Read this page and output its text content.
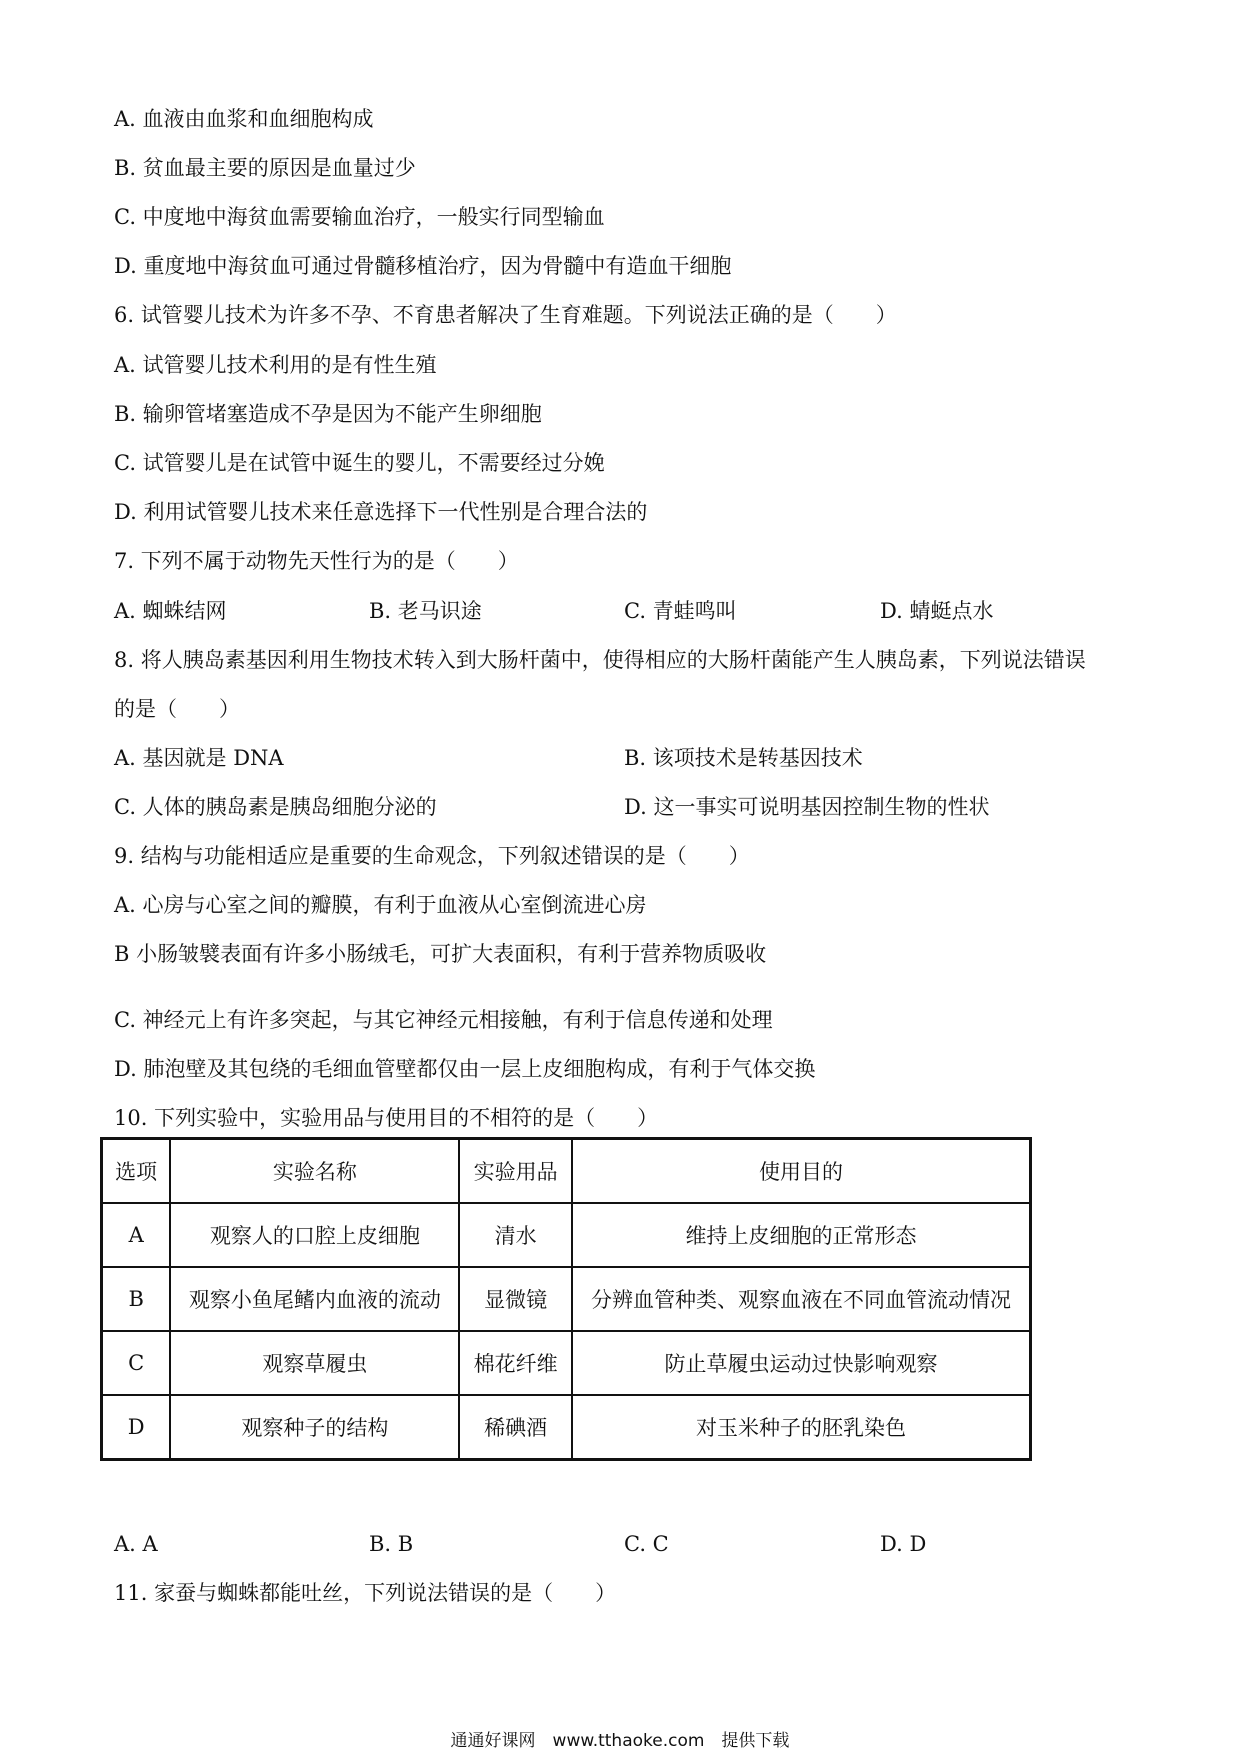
A. 血液由血浆和血细胞构成
B. 贫血最主要的原因是血量过少
C. 中度地中海贫血需要输血治疗，一般实行同型输血
D. 重度地中海贫血可通过骨髓移植治疗，因为骨髓中有造血干细胞
6. 试管婴儿技术为许多不孕、不育患者解决了生育难题。下列说法正确的是（　　）
A. 试管婴儿技术利用的是有性生殖
B. 输卵管堵塞造成不孕是因为不能产生卵细胞
C. 试管婴儿是在试管中诞生的婴儿，不需要经过分娩
D. 利用试管婴儿技术来任意选择下一代性别是合理合法的
7. 下列不属于动物先天性行为的是（　　）
A. 蜘蛛结网	B. 老马识途	C. 青蛙鸣叫	D. 蜻蜓点水
8. 将人胰岛素基因利用生物技术转入到大肠杆菌中，使得相应的大肠杆菌能产生人胰岛素，下列说法错误
的是（　　）
A. 基因就是 DNA	B. 该项技术是转基因技术
C. 人体的胰岛素是胰岛细胞分泌的	D. 这一事实可说明基因控制生物的性状
9. 结构与功能相适应是重要的生命观念，下列叙述错误的是（　　）
A. 心房与心室之间的瓣膜，有利于血液从心室倒流进心房
B 小肠皱襞表面有许多小肠绒毛，可扩大表面积，有利于营养物质吸收
C. 神经元上有许多突起，与其它神经元相接触，有利于信息传递和处理
D. 肺泡壁及其包绕的毛细血管壁都仅由一层上皮细胞构成，有利于气体交换
10. 下列实验中，实验用品与使用目的不相符的是（　　）
选项	实验名称	实验用品	使用目的
A	观察人的口腔上皮细胞	清水	维持上皮细胞的正常形态
B	观察小鱼尾鳍内血液的流动	显微镜	分辨血管种类、观察血液在不同血管流动情况
C	观察草履虫	棉花纤维	防止草履虫运动过快影响观察
D	观察种子的结构	稀碘酒	对玉米种子的胚乳染色
A. A	B. B	C. C	D. D
11. 家蚕与蜘蛛都能吐丝，下列说法错误的是（　　）
通通好课网　www.tthaoke.com　提供下载
